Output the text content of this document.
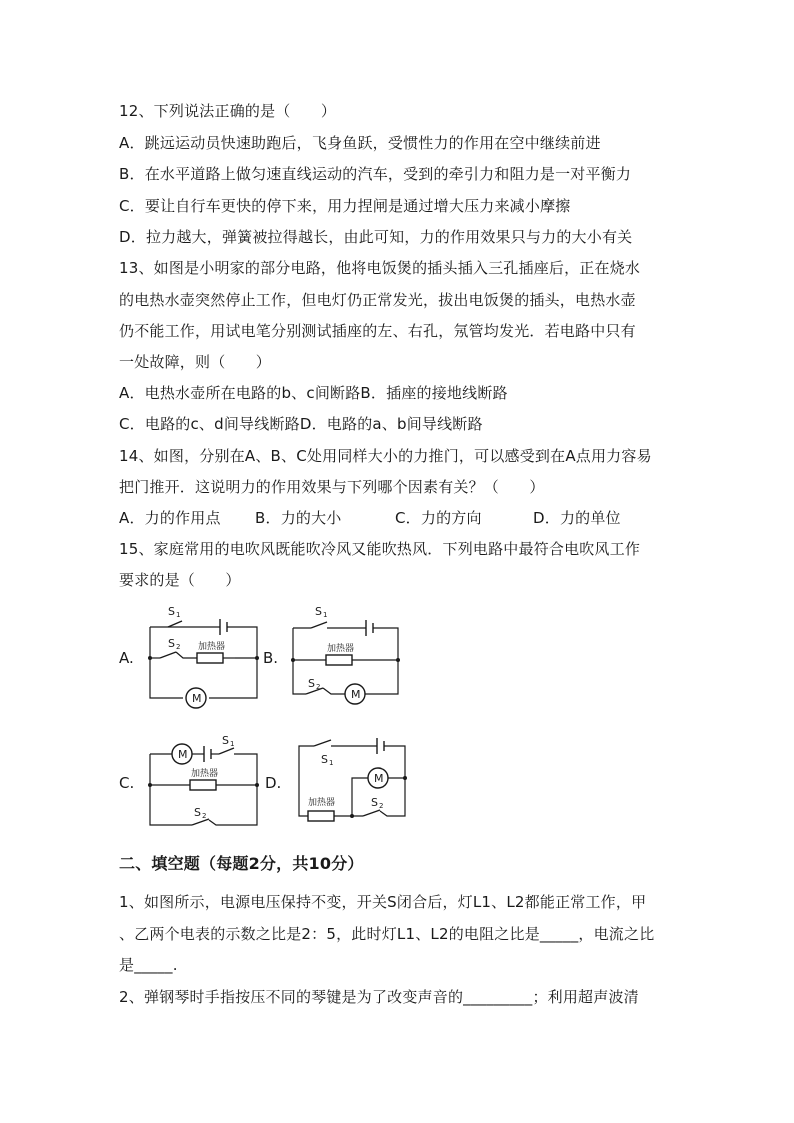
12、下列说法正确的是（　　）
A．跳远运动员快速助跑后，飞身鱼跃，受惯性力的作用在空中继续前进
B．在水平道路上做匀速直线运动的汽车，受到的牵引力和阻力是一对平衡力
C．要让自行车更快的停下来，用力捏闸是通过增大压力来减小摩擦
D．拉力越大，弹簧被拉得越长，由此可知，力的作用效果只与力的大小有关
13、如图是小明家的部分电路，他将电饭煲的插头插入三孔插座后，正在烧水
的电热水壶突然停止工作，但电灯仍正常发光，拔出电饭煲的插头，电热水壶
仍不能工作，用试电笔分别测试插座的左、右孔，氖管均发光．若电路中只有
一处故障，则（　　）
A．电热水壶所在电路的b、c间断路B．插座的接地线断路
C．电路的c、d间导线断路D．电路的a、b间导线断路
14、如图，分别在A、B、C处用同样大小的力推门，可以感受到在A点用力容易
把门推开．这说明力的作用效果与下列哪个因素有关？（　　）
A．力的作用点 B．力的大小	C．力的方向	D．力的单位
15、家庭常用的电吹风既能吹冷风又能吹热风．下列电路中最符合电吹风工作
要求的是（　　）
A.
S 1
S 2 加热器
M
B.
S 1
S 2
加热器
M
C.
M
S 1
S 2
加热器	D.
S 1
S 2
加热器
M
二、填空题（每题2分，共10分）
1、如图所示，电源电压保持不变，开关S闭合后，灯L1、L2都能正常工作，甲
、乙两个电表的示数之比是2：5，此时灯L1、L2的电阻之比是_____，电流之比
是_____.
2、弹钢琴时手指按压不同的琴键是为了改变声音的_________；利用超声波清
